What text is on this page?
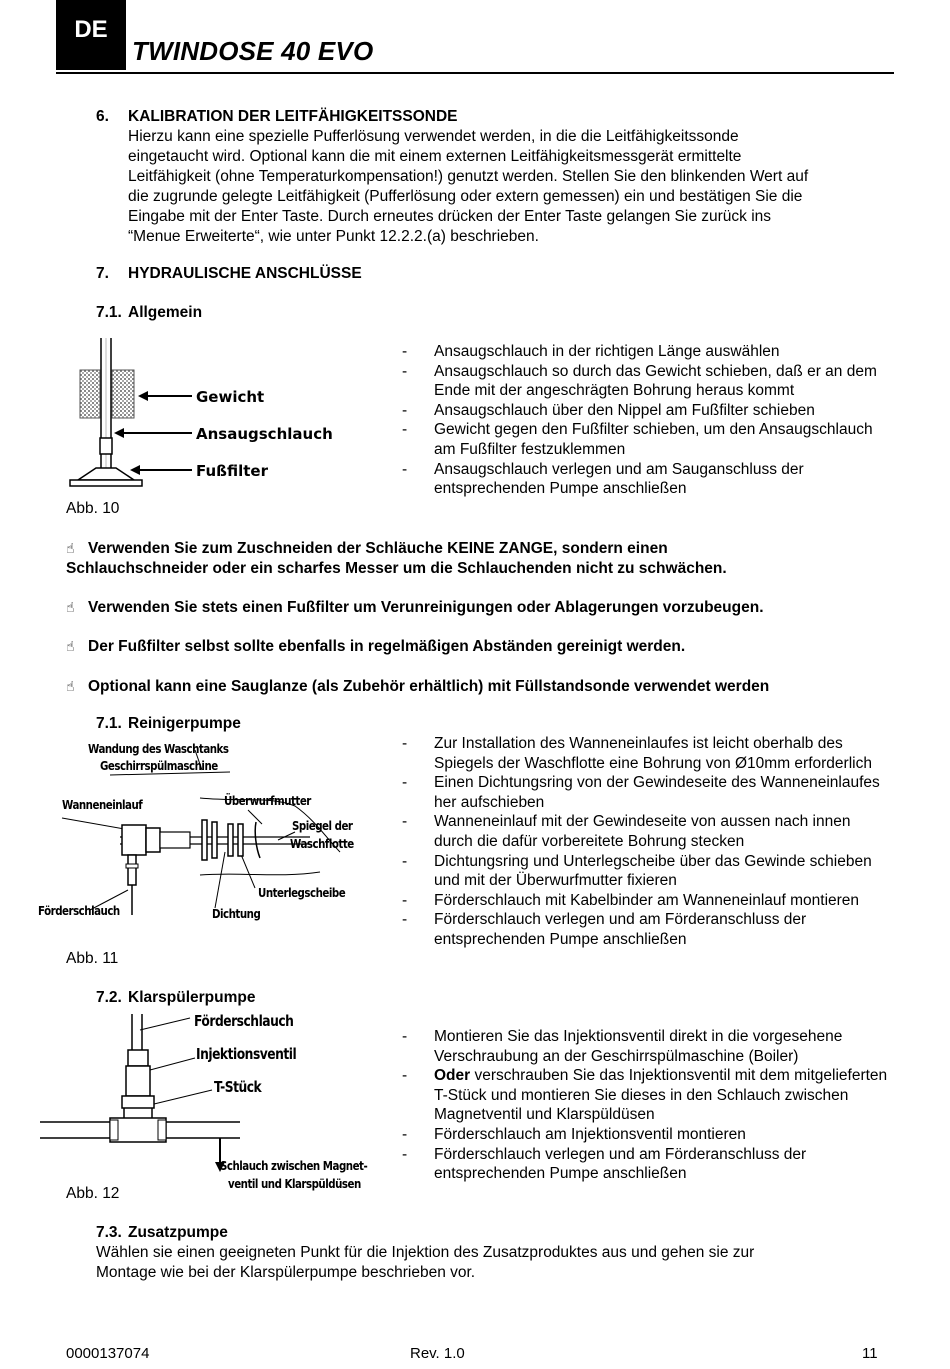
DE
TWINDOSE 40 EVO
6. KALIBRATION DER LEITFÄHIGKEITSSONDE
Hierzu kann eine spezielle Pufferlösung verwendet werden, in die die Leitfähigkeitssonde
eingetaucht wird. Optional kann die mit einem externen Leitfähigkeitsmessgerät ermittelte
Leitfähigkeit (ohne Temperaturkompensation!) genutzt werden. Stellen Sie den blinkenden Wert auf
die zugrunde gelegte Leitfähigkeit (Pufferlösung oder extern gemessen) ein und bestätigen Sie die
Eingabe mit der Enter Taste. Durch erneutes drücken der Enter Taste gelangen Sie zurück ins
“Menue Erweiterte“, wie unter Punkt 12.2.2.(a) beschrieben.
7. HYDRAULISCHE ANSCHLÜSSE
7.1. Allgemein
Gewicht
Ansaugschlauch
Fußfilter
Abb. 10
- Ansaugschlauch in der richtigen Länge auswählen
- Ansaugschlauch so durch das Gewicht schieben, daß er an dem Ende mit der angeschrägten Bohrung heraus kommt
- Ansaugschlauch über den Nippel am Fußfilter schieben
- Gewicht gegen den Fußfilter schieben, um den Ansaugschlauch am Fußfilter festzuklemmen
- Ansaugschlauch verlegen und am Sauganschluss der entsprechenden Pumpe anschließen
☝ Verwenden Sie zum Zuschneiden der Schläuche KEINE ZANGE, sondern einen
Schlauchschneider oder ein scharfes Messer um die Schlauchenden nicht zu schwächen.
☝ Verwenden Sie stets einen Fußfilter um Verunreinigungen oder Ablagerungen vorzubeugen.
☝ Der Fußfilter selbst sollte ebenfalls in regelmäßigen Abständen gereinigt werden.
☝ Optional kann eine Sauglanze (als Zubehör erhältlich) mit Füllstandsonde verwendet werden
7.1. Reinigerpumpe
Wandung des Waschtanks
Geschirrspülmaschine
Wanneneinlauf	Überwurfmutter
Spiegel der
Waschflotte
Unterlegscheibe
Förderschlauch	Dichtung
Abb. 11
- Zur Installation des Wanneneinlaufes ist leicht oberhalb des Spiegels der Waschflotte eine Bohrung von Ø10mm erforderlich
- Einen Dichtungsring von der Gewindeseite des Wanneneinlaufes her aufschieben
- Wanneneinlauf mit der Gewindeseite von aussen nach innen durch die dafür vorbereitete Bohrung stecken
- Dichtungsring und Unterlegscheibe über das Gewinde schieben und mit der Überwurfmutter fixieren
- Förderschlauch mit Kabelbinder am Wanneneinlauf montieren
- Förderschlauch verlegen und am Förderanschluss der entsprechenden Pumpe anschließen
7.2. Klarspülerpumpe
Förderschlauch
Injektionsventil
T-Stück
Schlauch zwischen Magnet-
ventil und Klarspüldüsen
Abb. 12
- Montieren Sie das Injektionsventil direkt in die vorgesehene Verschraubung an der Geschirrspülmaschine (Boiler)
- Oder verschrauben Sie das Injektionsventil mit dem mitgelieferten T-Stück und montieren Sie dieses in den Schlauch zwischen Magnetventil und Klarspüldüsen
- Förderschlauch am Injektionsventil montieren
- Förderschlauch verlegen und am Förderanschluss der entsprechenden Pumpe anschließen
7.3. Zusatzpumpe
Wählen sie einen geeigneten Punkt für die Injektion des Zusatzproduktes aus und gehen sie zur
Montage wie bei der Klarspülerpumpe beschrieben vor.
0000137074	Rev. 1.0	11
